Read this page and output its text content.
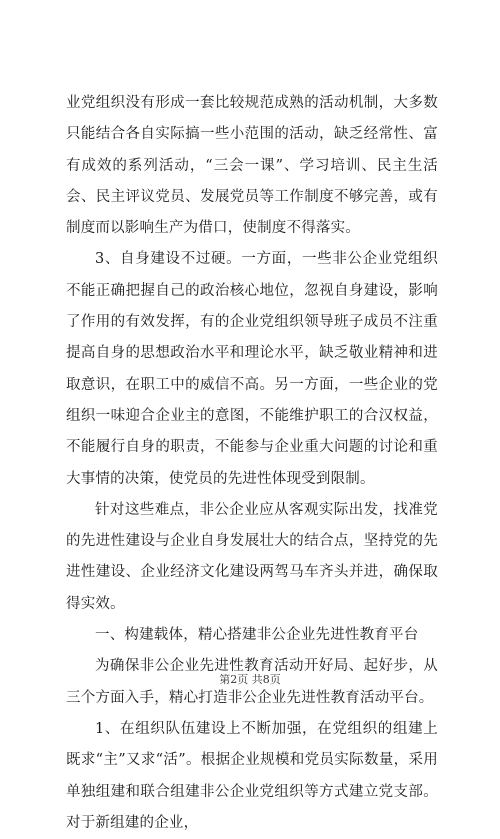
业党组织没有形成一套比较规范成熟的活动机制，大多数只能结合各自实际搞一些小范围的活动，缺乏经常性、富有成效的系列活动，“三会一课”、学习培训、民主生活会、民主评议党员、发展党员等工作制度不够完善，或有制度而以影响生产为借口，使制度不得落实。

3、自身建设不过硬。一方面，一些非公企业党组织不能正确把握自己的政治核心地位，忽视自身建设，影响了作用的有效发挥，有的企业党组织领导班子成员不注重提高自身的思想政治水平和理论水平，缺乏敬业精神和进取意识，在职工中的威信不高。另一方面，一些企业的党组织一味迎合企业主的意图，不能维护职工的合汉权益，不能履行自身的职责，不能参与企业重大问题的讨论和重大事情的决策，使党员的先进性体现受到限制。

针对这些难点，非公企业应从客观实际出发，找准党的先进性建设与企业自身发展壮大的结合点，坚持党的先进性建设、企业经济文化建设两驾马车齐头并进，确保取得实效。

一、构建载体，精心搭建非公企业先进性教育平台

为确保非公企业先进性教育活动开好局、起好步，从三个方面入手，精心打造非公企业先进性教育活动平台。

1、在组织队伍建设上不断加强，在党组织的组建上既求“主”又求“活”。根据企业规模和党员实际数量，采用单独组建和联合组建非公企业党组织等方式建立党支部。对于新组建的企业，

第2页 共8页
